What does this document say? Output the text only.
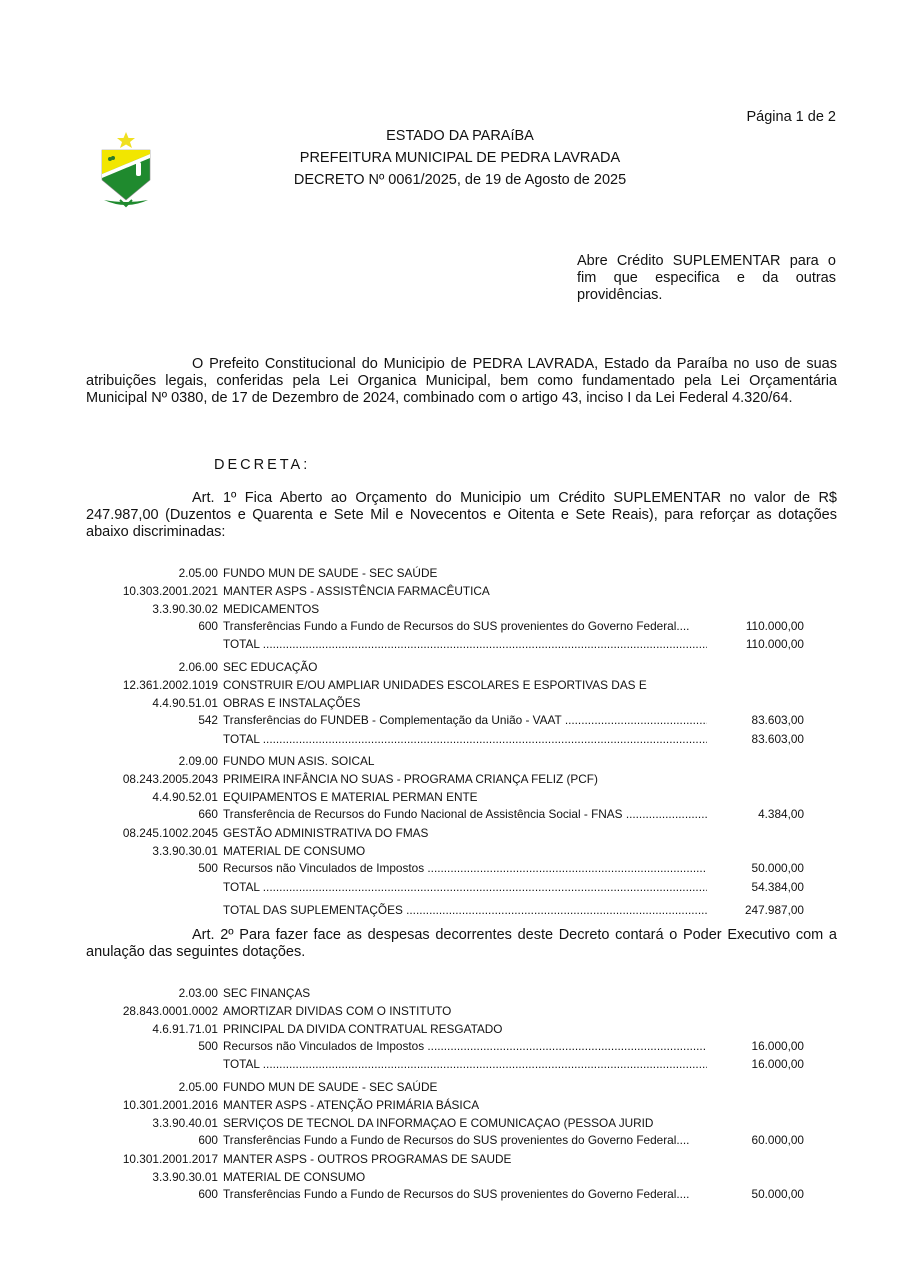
Página 1 de 2
ESTADO DA PARAíBA
PREFEITURA MUNICIPAL DE PEDRA LAVRADA
DECRETO Nº 0061/2025, de 19 de Agosto de 2025
Abre Crédito SUPLEMENTAR para o fim que especifica e da outras providências.
O Prefeito Constitucional do Municipio de PEDRA LAVRADA, Estado da Paraíba no uso de suas atribuições legais, conferidas pela Lei Organica Municipal, bem como fundamentado pela Lei Orçamentária Municipal Nº 0380, de 17 de Dezembro de 2024, combinado com o artigo 43, inciso I da Lei Federal 4.320/64.
DECRETA:
Art. 1º Fica Aberto ao Orçamento do Municipio um Crédito SUPLEMENTAR no valor de R$ 247.987,00 (Duzentos e Quarenta e Sete Mil e Novecentos e Oitenta e Sete Reais), para reforçar as dotações abaixo discriminadas:
2.05.00 FUNDO MUN DE SAUDE - SEC SAÚDE
10.303.2001.2021 MANTER ASPS - ASSISTÊNCIA FARMACÊUTICA
3.3.90.30.02 MEDICAMENTOS
600 Transferências Fundo a Fundo de Recursos do SUS provenientes do Governo Federal....	110.000,00
TOTAL .....	110.000,00
2.06.00 SEC EDUCAÇÃO
12.361.2002.1019 CONSTRUIR E/OU AMPLIAR UNIDADES ESCOLARES E ESPORTIVAS DAS E
4.4.90.51.01 OBRAS E INSTALAÇÕES
542 Transferências do FUNDEB - Complementação da União - VAAT .....	83.603,00
TOTAL .....	83.603,00
2.09.00 FUNDO MUN ASIS. SOICAL
08.243.2005.2043 PRIMEIRA INFÂNCIA NO SUAS - PROGRAMA CRIANÇA FELIZ (PCF)
4.4.90.52.01 EQUIPAMENTOS E MATERIAL PERMAN ENTE
660 Transferência de Recursos do Fundo Nacional de Assistência Social - FNAS .....	4.384,00
08.245.1002.2045 GESTÃO ADMINISTRATIVA DO FMAS
3.3.90.30.01 MATERIAL DE CONSUMO
500 Recursos não Vinculados de Impostos .....	50.000,00
TOTAL .....	54.384,00
TOTAL DAS SUPLEMENTAÇÕES .....	247.987,00
Art. 2º Para fazer face as despesas decorrentes deste Decreto contará o Poder Executivo com a anulação das seguintes dotações.
2.03.00 SEC FINANÇAS
28.843.0001.0002 AMORTIZAR DIVIDAS COM O INSTITUTO
4.6.91.71.01 PRINCIPAL DA DIVIDA CONTRATUAL RESGATADO
500 Recursos não Vinculados de Impostos .....	16.000,00
TOTAL .....	16.000,00
2.05.00 FUNDO MUN DE SAUDE - SEC SAÚDE
10.301.2001.2016 MANTER ASPS - ATENÇÃO PRIMÁRIA BÁSICA
3.3.90.40.01 SERVIÇOS DE TECNOL DA INFORMAÇAO E COMUNICAÇAO (PESSOA JURID
600 Transferências Fundo a Fundo de Recursos do SUS provenientes do Governo Federal....	60.000,00
10.301.2001.2017 MANTER ASPS - OUTROS PROGRAMAS DE SAUDE
3.3.90.30.01 MATERIAL DE CONSUMO
600 Transferências Fundo a Fundo de Recursos do SUS provenientes do Governo Federal....	50.000,00
